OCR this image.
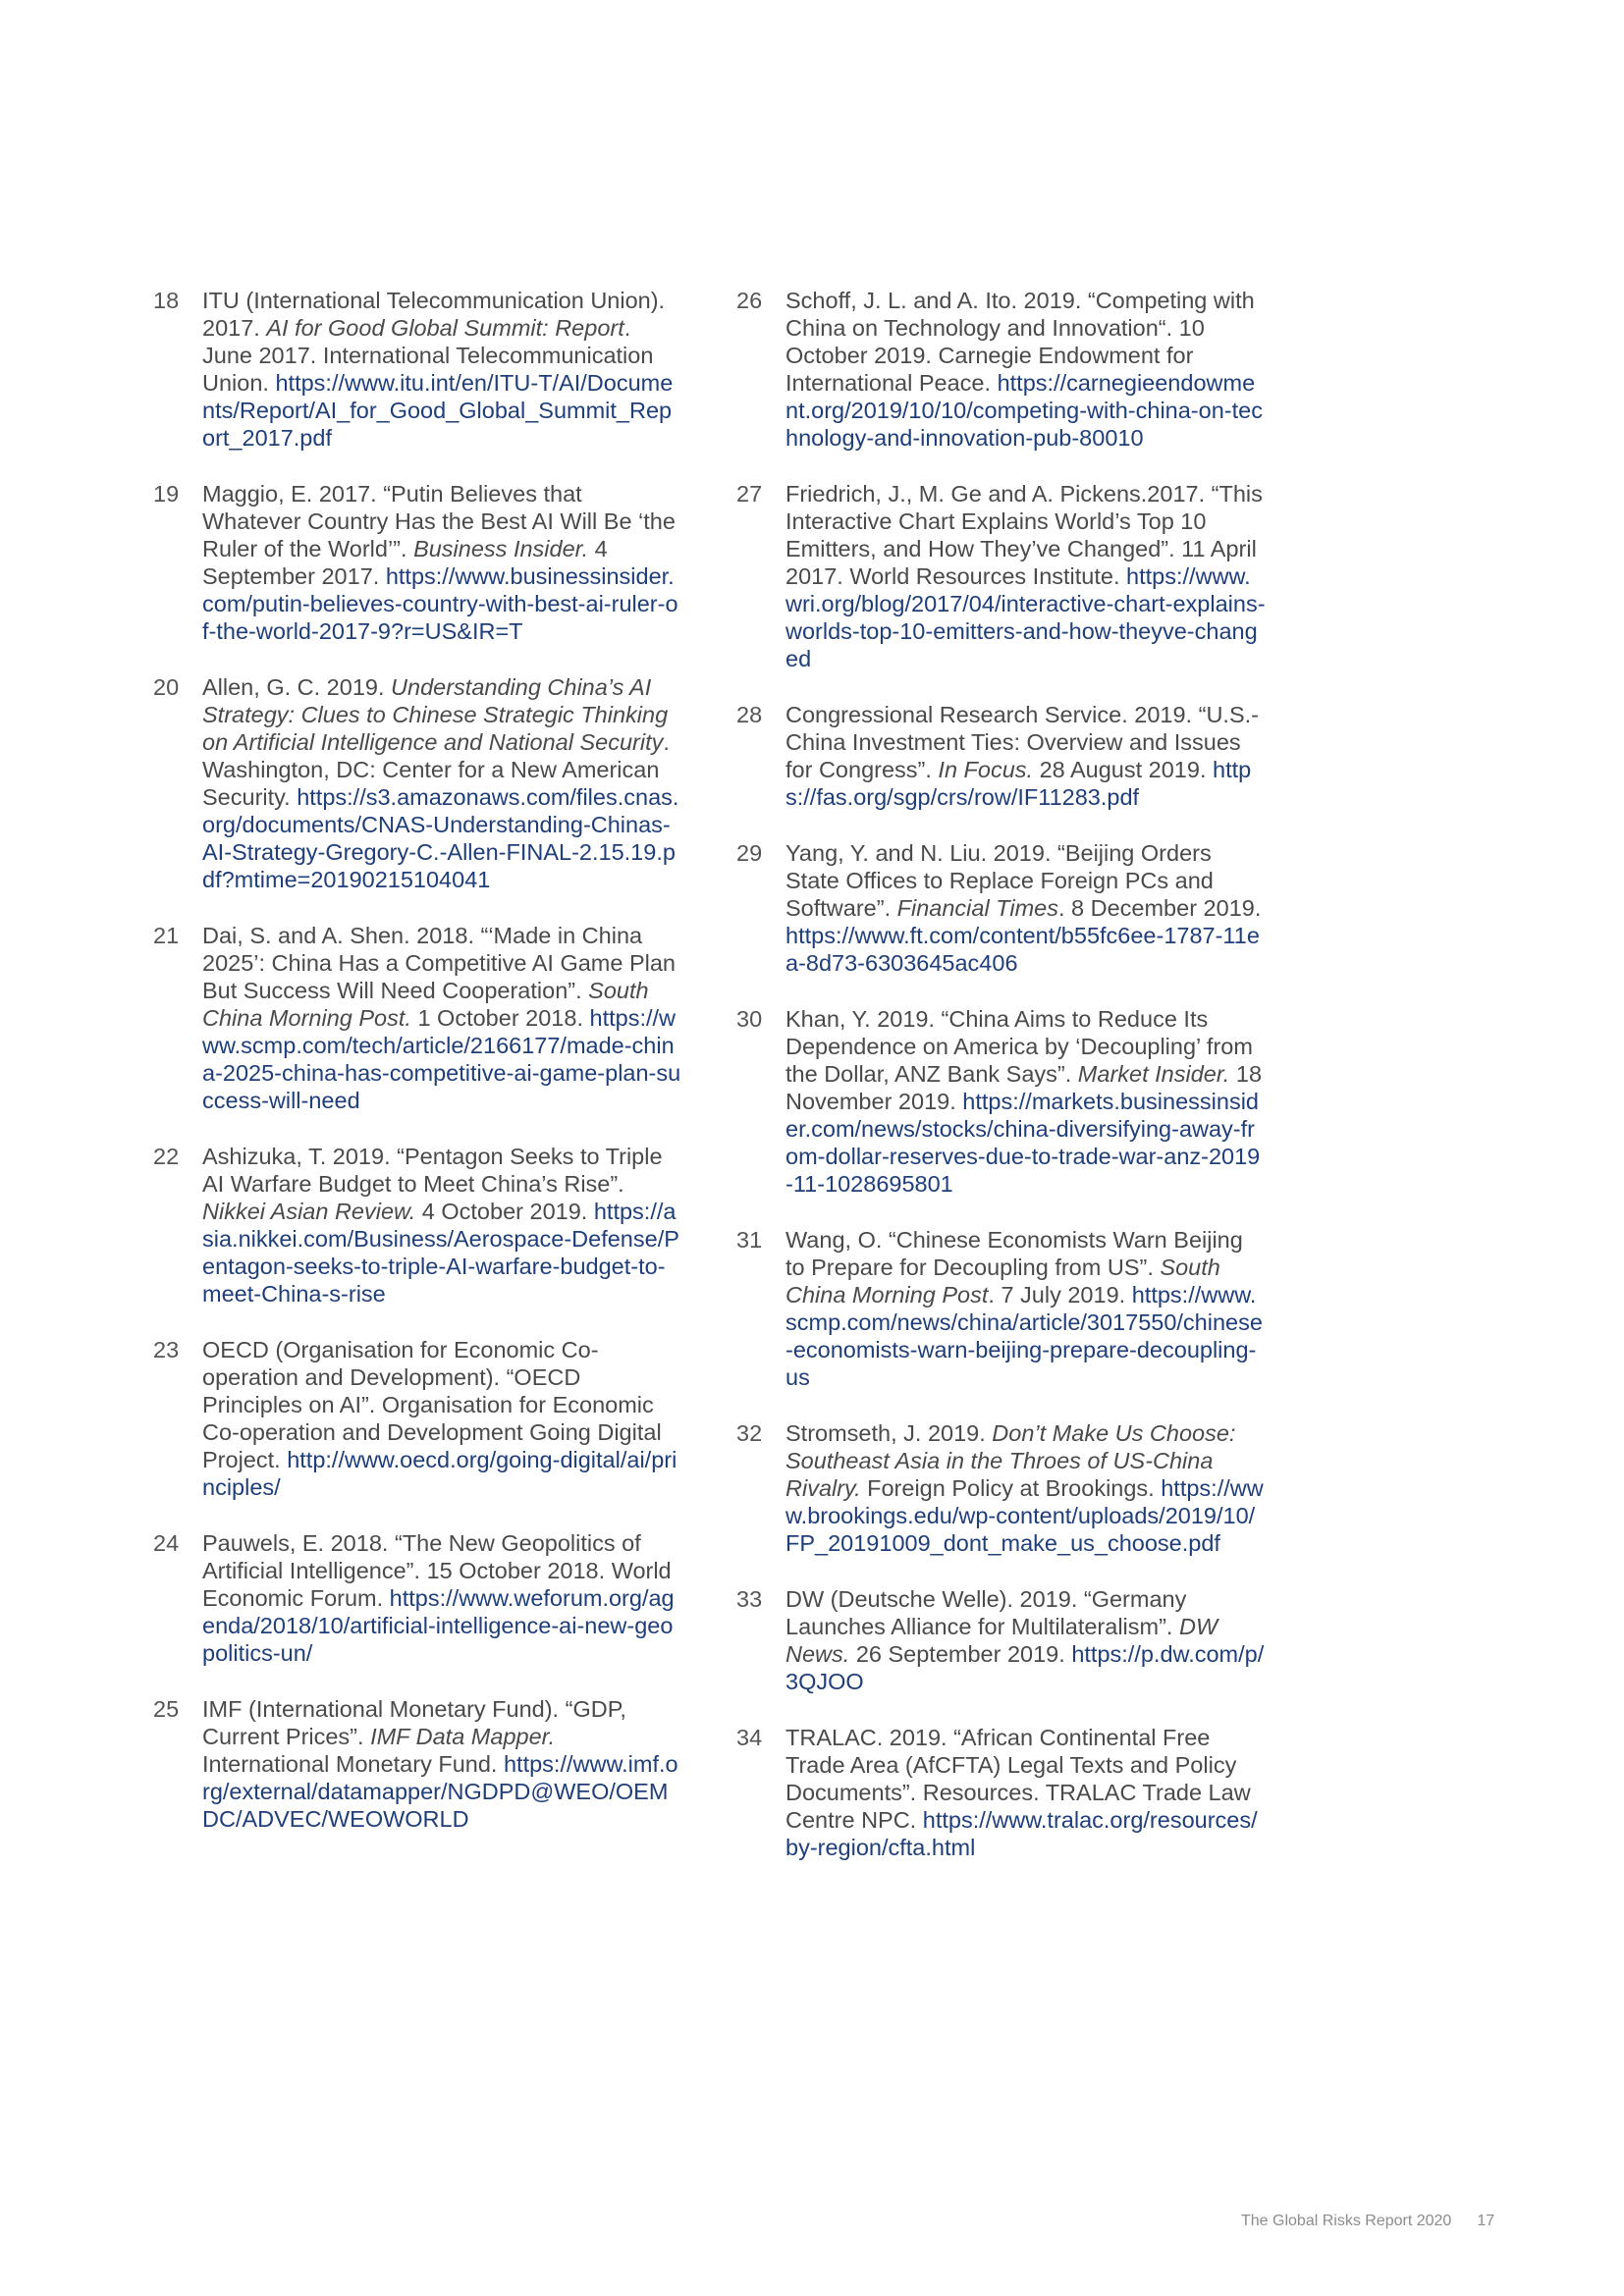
18	ITU (International Telecommunication Union). 2017. AI for Good Global Summit: Report. June 2017. International Telecommunication Union. https://www.itu.int/en/ITU-T/AI/Documents/Report/AI_for_Good_Global_Summit_Report_2017.pdf
19	Maggio, E. 2017. “Putin Believes that Whatever Country Has the Best AI Will Be ‘the Ruler of the World’”. Business Insider. 4 September 2017. https://www.businessinsider.com/putin-believes-country-with-best-ai-ruler-of-the-world-2017-9?r=US&IR=T
20	Allen, G. C. 2019. Understanding China’s AI Strategy: Clues to Chinese Strategic Thinking on Artificial Intelligence and National Security. Washington, DC: Center for a New American Security. https://s3.amazonaws.com/files.cnas.org/documents/CNAS-Understanding-Chinas-AI-Strategy-Gregory-C.-Allen-FINAL-2.15.19.pdf?mtime=20190215104041
21	Dai, S. and A. Shen. 2018. “‘Made in China 2025’: China Has a Competitive AI Game Plan But Success Will Need Cooperation”. South China Morning Post. 1 October 2018. https://www.scmp.com/tech/article/2166177/made-china-2025-china-has-competitive-ai-game-plan-success-will-need
22	Ashizuka, T. 2019. “Pentagon Seeks to Triple AI Warfare Budget to Meet China’s Rise”. Nikkei Asian Review. 4 October 2019. https://asia.nikkei.com/Business/Aerospace-Defense/Pentagon-seeks-to-triple-AI-warfare-budget-to-meet-China-s-rise
23	OECD (Organisation for Economic Co-operation and Development). “OECD Principles on AI”. Organisation for Economic Co-operation and Development Going Digital Project. http://www.oecd.org/going-digital/ai/principles/
24	Pauwels, E. 2018. “The New Geopolitics of Artificial Intelligence”. 15 October 2018. World Economic Forum. https://www.weforum.org/agenda/2018/10/artificial-intelligence-ai-new-geopolitics-un/
25	IMF (International Monetary Fund). “GDP, Current Prices”. IMF Data Mapper. International Monetary Fund. https://www.imf.org/external/datamapper/NGDPD@WEO/OEMDC/ADVEC/WEOWORLD
26	Schoff, J. L. and A. Ito. 2019. “Competing with China on Technology and Innovation“. 10 October 2019. Carnegie Endowment for International Peace. https://carnegieendowment.org/2019/10/10/competing-with-china-on-technology-and-innovation-pub-80010
27	Friedrich, J., M. Ge and A. Pickens.2017. “This Interactive Chart Explains World’s Top 10 Emitters, and How They’ve Changed”. 11 April 2017. World Resources Institute. https://www.wri.org/blog/2017/04/interactive-chart-explains-worlds-top-10-emitters-and-how-theyve-changed
28	Congressional Research Service. 2019. “U.S.-China Investment Ties: Overview and Issues for Congress”. In Focus. 28 August 2019. https://fas.org/sgp/crs/row/IF11283.pdf
29	Yang, Y. and N. Liu. 2019. “Beijing Orders State Offices to Replace Foreign PCs and Software”. Financial Times. 8 December 2019. https://www.ft.com/content/b55fc6ee-1787-11ea-8d73-6303645ac406
30	Khan, Y. 2019. “China Aims to Reduce Its Dependence on America by ‘Decoupling’ from the Dollar, ANZ Bank Says”. Market Insider. 18 November 2019. https://markets.businessinsider.com/news/stocks/china-diversifying-away-from-dollar-reserves-due-to-trade-war-anz-2019-11-1028695801
31	Wang, O. “Chinese Economists Warn Beijing to Prepare for Decoupling from US”. South China Morning Post. 7 July 2019. https://www.scmp.com/news/china/article/3017550/chinese-economists-warn-beijing-prepare-decoupling-us
32	Stromseth, J. 2019. Don’t Make Us Choose: Southeast Asia in the Throes of US-China Rivalry. Foreign Policy at Brookings. https://www.brookings.edu/wp-content/uploads/2019/10/FP_20191009_dont_make_us_choose.pdf
33	DW (Deutsche Welle). 2019. “Germany Launches Alliance for Multilateralism”. DW News. 26 September 2019. https://p.dw.com/p/3QJOO
34	TRALAC. 2019. “African Continental Free Trade Area (AfCFTA) Legal Texts and Policy Documents”. Resources. TRALAC Trade Law Centre NPC. https://www.tralac.org/resources/by-region/cfta.html
The Global Risks Report 2020 17
